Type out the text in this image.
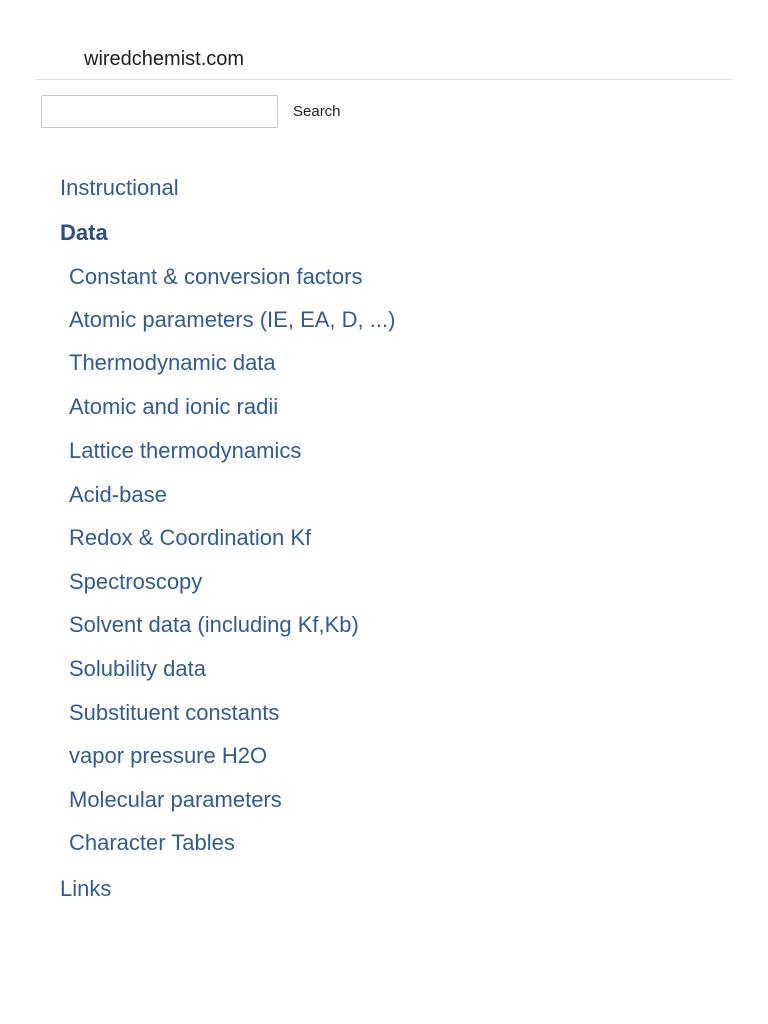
wiredchemist.com
Search
Instructional
Data
Constant & conversion factors
Atomic parameters (IE, EA, D, ...)
Thermodynamic data
Atomic and ionic radii
Lattice thermodynamics
Acid-base
Redox & Coordination Kf
Spectroscopy
Solvent data (including Kf,Kb)
Solubility data
Substituent constants
vapor pressure H2O
Molecular parameters
Character Tables
Links
